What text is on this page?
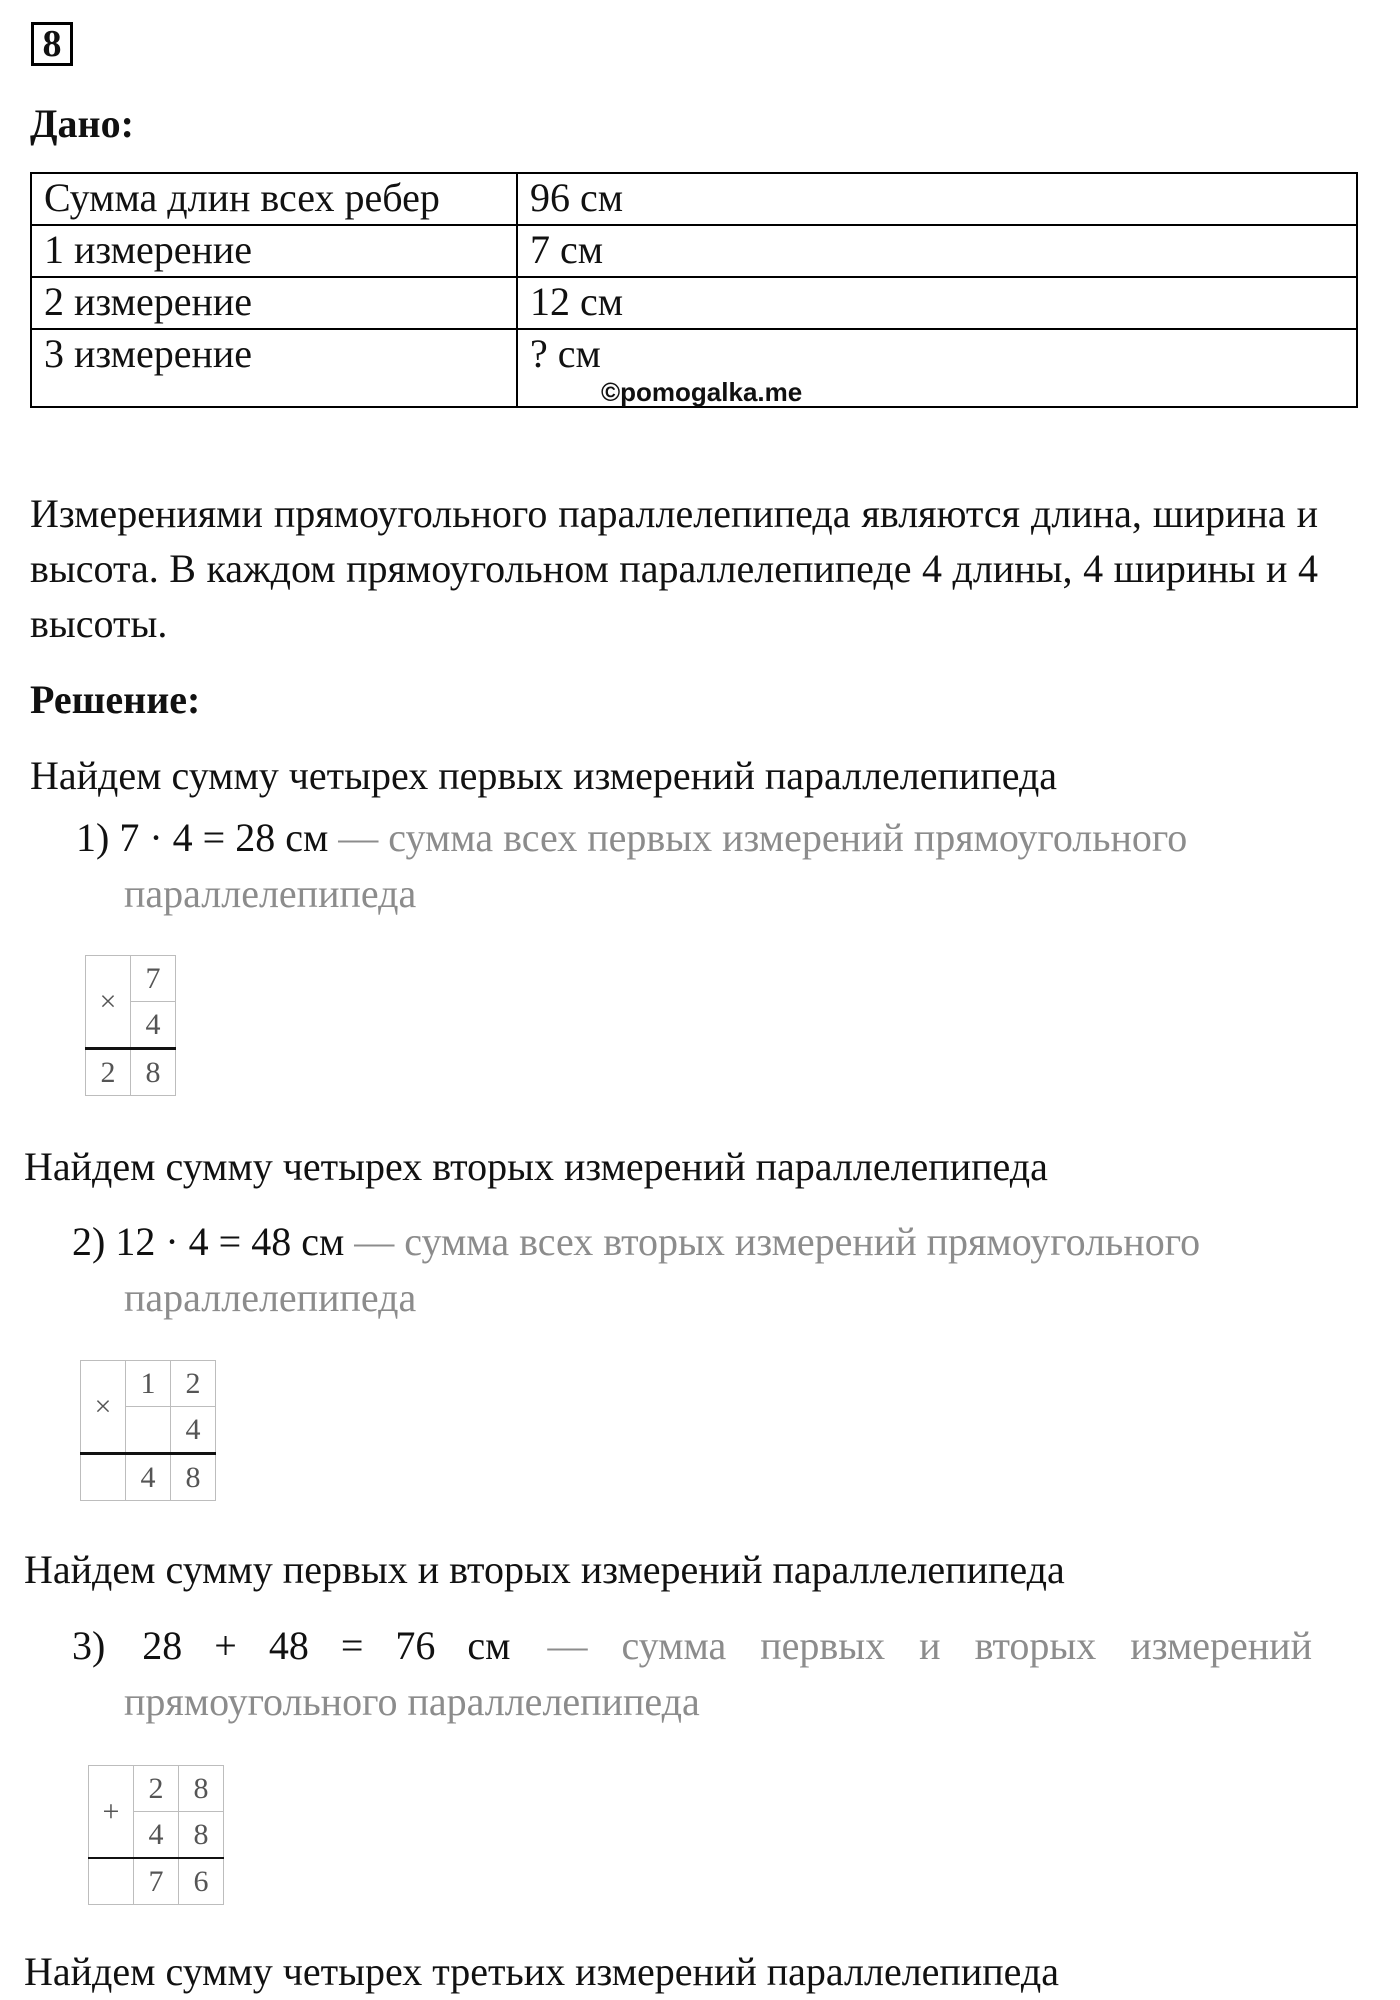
8
Дано:
Сумма длин всех ребер	96 см
1 измерение	7 см
2 измерение	12 см
3 измерение	? см
©pomogalka.me
Измерениями прямоугольного параллелепипеда являются длина, ширина и высота. В каждом прямоугольном параллелепипеде 4 длины, 4 ширины и 4 высоты.
Решение:
Найдем сумму четырех первых измерений параллелепипеда
1) 7 · 4 = 28 см — сумма всех первых измерений прямоугольного
параллелепипеда
×	7
	4
2	8
Найдем сумму четырех вторых измерений параллелепипеда
2) 12 · 4 = 48 см — сумма всех вторых измерений прямоугольного
параллелепипеда
×	1	2
		4
	4	8
Найдем сумму первых и вторых измерений параллелепипеда
3) 28 + 48 = 76 см — сумма первых и вторых измерений
прямоугольного параллелепипеда
+	2	8
	4	8
	7	6
Найдем сумму четырех третьих измерений параллелепипеда
